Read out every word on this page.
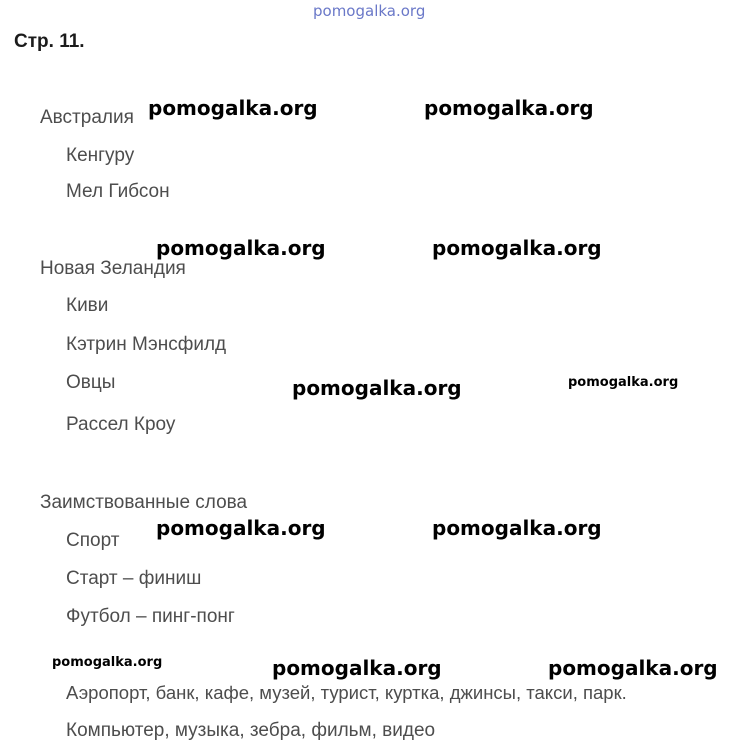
pomogalka.org
Стр. 11.
Австралия
Кенгуру
Мел Гибсон
Новая Зеландия
Киви
Кэтрин Мэнсфилд
Овцы
Рассел Кроу
Заимствованные слова
Спорт
Старт – финиш
Футбол – пинг-понг
Аэропорт, банк, кафе, музей, турист, куртка, джинсы, такси, парк.
Компьютер, музыка, зебра, фильм, видео
pomogalka.org	pomogalka.org
pomogalka.org	pomogalka.org
pomogalka.org	pomogalka.org
pomogalka.org	pomogalka.org
pomogalka.org	pomogalka.org	pomogalka.org
